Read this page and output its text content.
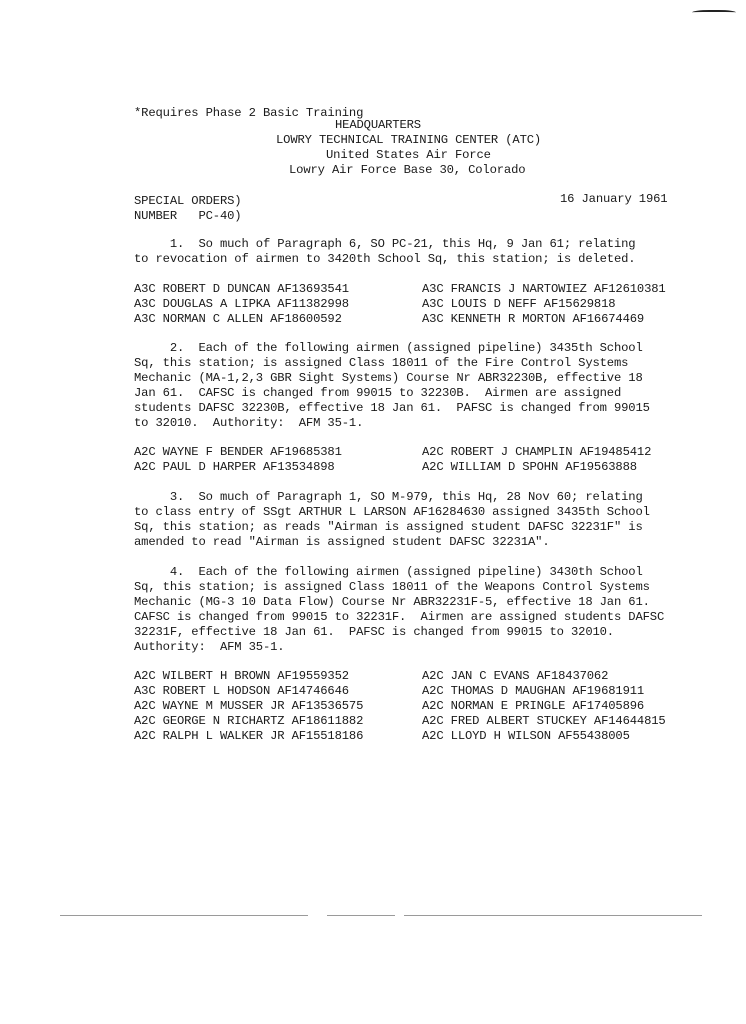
*Requires Phase 2 Basic Training
HEADQUARTERS
LOWRY TECHNICAL TRAINING CENTER (ATC)
United States Air Force
Lowry Air Force Base 30, Colorado
SPECIAL ORDERS)
NUMBER   PC-40)
16 January 1961
1.  So much of Paragraph 6, SO PC-21, this Hq, 9 Jan 61; relating
to revocation of airmen to 3420th School Sq, this station; is deleted.
A3C ROBERT D DUNCAN AF13693541
A3C DOUGLAS A LIPKA AF11382998
A3C NORMAN C ALLEN AF18600592
A3C FRANCIS J NARTOWIEZ AF12610381
A3C LOUIS D NEFF AF15629818
A3C KENNETH R MORTON AF16674469
2.  Each of the following airmen (assigned pipeline) 3435th School
Sq, this station; is assigned Class 18011 of the Fire Control Systems
Mechanic (MA-1,2,3 GBR Sight Systems) Course Nr ABR32230B, effective 18
Jan 61.  CAFSC is changed from 99015 to 32230B.  Airmen are assigned
students DAFSC 32230B, effective 18 Jan 61.  PAFSC is changed from 99015
to 32010.  Authority:  AFM 35-1.
A2C WAYNE F BENDER AF19685381
A2C PAUL D HARPER AF13534898
A2C ROBERT J CHAMPLIN AF19485412
A2C WILLIAM D SPOHN AF19563888
3.  So much of Paragraph 1, SO M-979, this Hq, 28 Nov 60; relating
to class entry of SSgt ARTHUR L LARSON AF16284630 assigned 3435th School
Sq, this station; as reads "Airman is assigned student DAFSC 32231F" is
amended to read "Airman is assigned student DAFSC 32231A".
4.  Each of the following airmen (assigned pipeline) 3430th School
Sq, this station; is assigned Class 18011 of the Weapons Control Systems
Mechanic (MG-3 10 Data Flow) Course Nr ABR32231F-5, effective 18 Jan 61.
CAFSC is changed from 99015 to 32231F.  Airmen are assigned students DAFSC
32231F, effective 18 Jan 61.  PAFSC is changed from 99015 to 32010.
Authority:  AFM 35-1.
A2C WILBERT H BROWN AF19559352
A3C ROBERT L HODSON AF14746646
A2C WAYNE M MUSSER JR AF13536575
A2C GEORGE N RICHARTZ AF18611882
A2C RALPH L WALKER JR AF15518186
A2C JAN C EVANS AF18437062
A2C THOMAS D MAUGHAN AF19681911
A2C NORMAN E PRINGLE AF17405896
A2C FRED ALBERT STUCKEY AF14644815
A2C LLOYD H WILSON AF55438005
